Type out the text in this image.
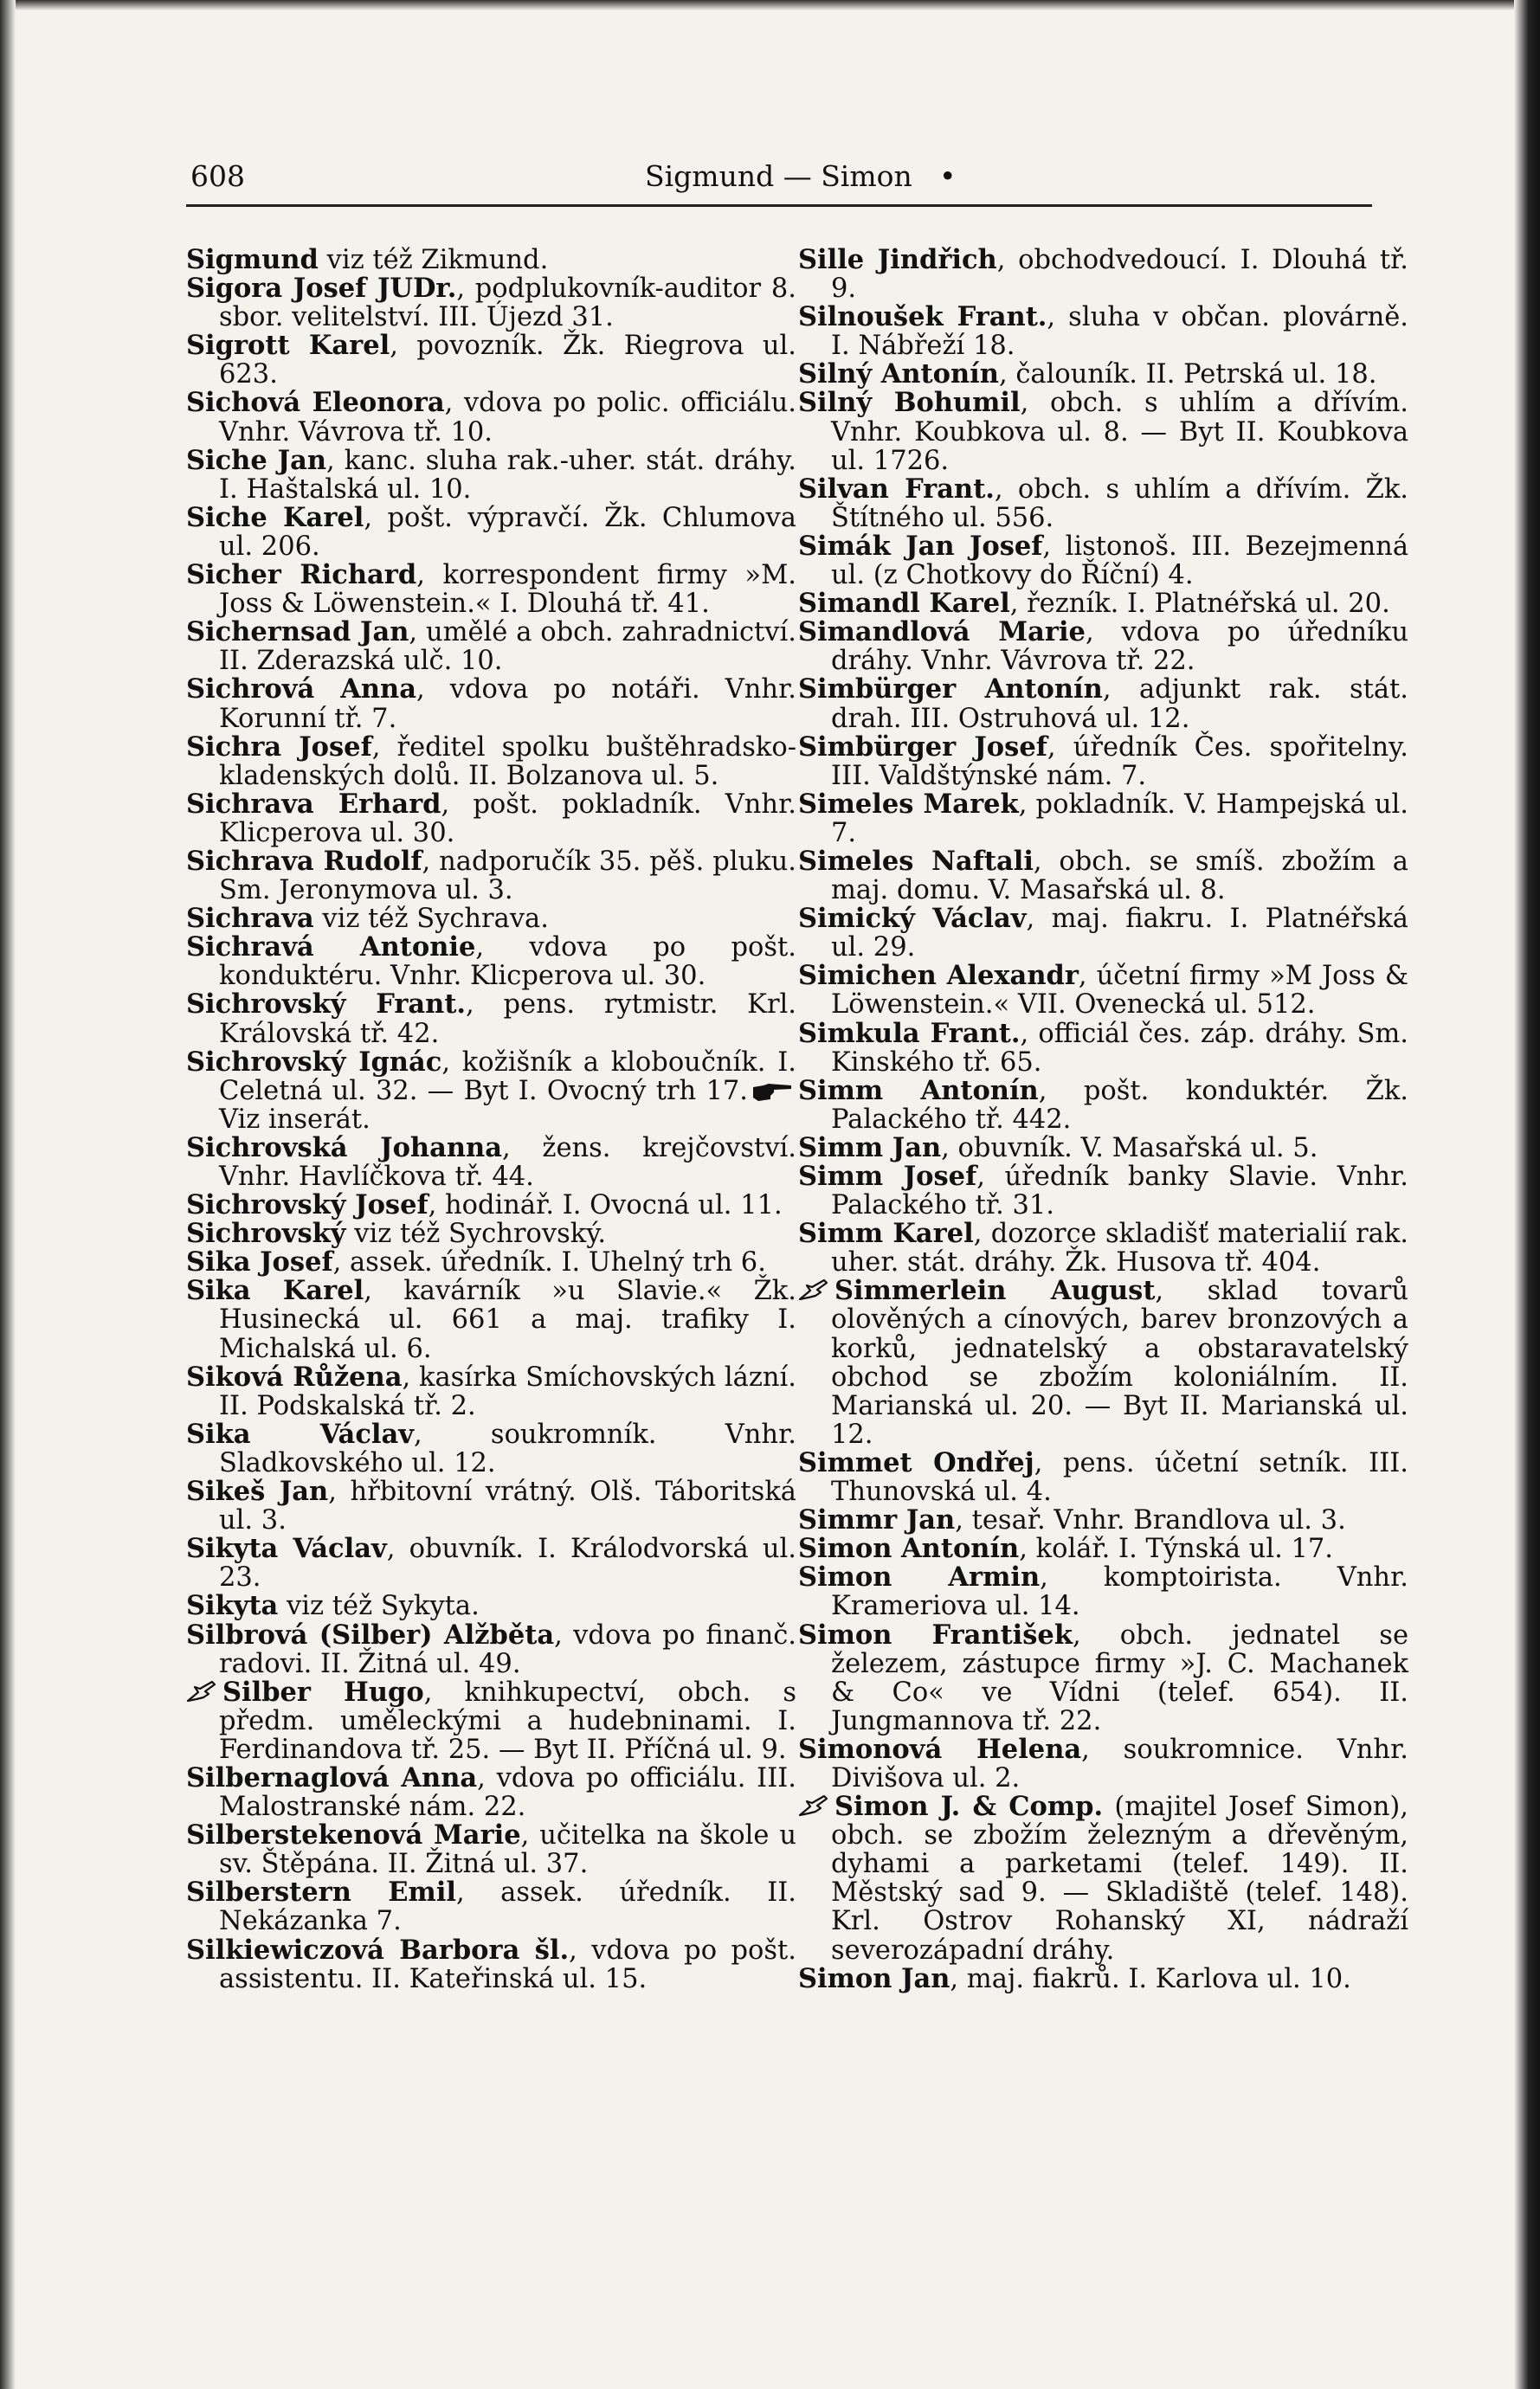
608	Sigmund — Simon •

Sigmund viz též Zikmund.

Sigora Josef JUDr., podplukovník-auditor 8. sbor. velitelství. III. Újezd 31.

Sigrott Karel, povozník. Žk. Riegrova ul. 623.

Sichová Eleonora, vdova po polic. officiálu. Vnhr. Vávrova tř. 10.

Siche Jan, kanc. sluha rak.-uher. stát. dráhy. I. Haštalská ul. 10.

Siche Karel, pošt. výpravčí. Žk. Chlumova ul. 206.

Sicher Richard, korrespondent firmy »M. Joss & Löwenstein.« I. Dlouhá tř. 41.

Sichernsad Jan, umělé a obch. zahradnictví. II. Zderazská ulč. 10.

Sichrová Anna, vdova po notáři. Vnhr. Korunní tř. 7.

Sichra Josef, ředitel spolku buštěhradsko-kladenských dolů. II. Bolzanova ul. 5.

Sichrava Erhard, pošt. pokladník. Vnhr. Klicperova ul. 30.

Sichrava Rudolf, nadporučík 35. pěš. pluku. Sm. Jeronymova ul. 3.

Sichrava viz též Sychrava.

Sichravá Antonie, vdova po pošt. konduktéru. Vnhr. Klicperova ul. 30.

Sichrovský Frant., pens. rytmistr. Krl. Královská tř. 42.

Sichrovský Ignác, kožišník a kloboučník. I. Celetná ul. 32. — Byt I. Ovocný trh 17. Viz inserát.

Sichrovská Johanna, žens. krejčovství. Vnhr. Havlíčkova tř. 44.

Sichrovský Josef, hodinář. I. Ovocná ul. 11.

Sichrovský viz též Sychrovský.

Sika Josef, assek. úředník. I. Uhelný trh 6.

Sika Karel, kavárník »u Slavie.« Žk. Husinecká ul. 661 a maj. trafiky I. Michalská ul. 6.

Siková Růžena, kasírka Smíchovských lázní. II. Podskalská tř. 2.

Sika Václav, soukromník. Vnhr. Sladkovského ul. 12.

Sikeš Jan, hřbitovní vrátný. Olš. Táboritská ul. 3.

Sikyta Václav, obuvník. I. Králodvorská ul. 23.

Sikyta viz též Sykyta.

Silbrová (Silber) Alžběta, vdova po finanč. radovi. II. Žitná ul. 49.

Silber Hugo, knihkupectví, obch. s předm. uměleckými a hudebninami. I. Ferdinandova tř. 25. — Byt II. Příčná ul. 9.

Silbernaglová Anna, vdova po officiálu. III. Malostranské nám. 22.

Silberstekenová Marie, učitelka na škole u sv. Štěpána. II. Žitná ul. 37.

Silberstern Emil, assek. úředník. II. Nekázanka 7.

Silkiewiczová Barbora šl., vdova po pošt. assistentu. II. Kateřinská ul. 15.

Sille Jindřich, obchodvedoucí. I. Dlouhá tř. 9.

Silnoušek Frant., sluha v občan. plovárně. I. Nábřeží 18.

Silný Antonín, čalouník. II. Petrská ul. 18.

Silný Bohumil, obch. s uhlím a dřívím. Vnhr. Koubkova ul. 8. — Byt II. Koubkova ul. 1726.

Silvan Frant., obch. s uhlím a dřívím. Žk. Štítného ul. 556.

Simák Jan Josef, listonoš. III. Bezejmenná ul. (z Chotkovy do Říční) 4.

Simandl Karel, řezník. I. Platnéřská ul. 20.

Simandlová Marie, vdova po úředníku dráhy. Vnhr. Vávrova tř. 22.

Simbürger Antonín, adjunkt rak. stát. drah. III. Ostruhová ul. 12.

Simbürger Josef, úředník Čes. spořitelny. III. Valdštýnské nám. 7.

Simeles Marek, pokladník. V. Hampejská ul. 7.

Simeles Naftali, obch. se smíš. zbožím a maj. domu. V. Masařská ul. 8.

Simický Václav, maj. fiakru. I. Platnéřská ul. 29.

Simichen Alexandr, účetní firmy »M Joss & Löwenstein.« VII. Ovenecká ul. 512.

Simkula Frant., officiál čes. záp. dráhy. Sm. Kinského tř. 65.

Simm Antonín, pošt. konduktér. Žk. Palackého tř. 442.

Simm Jan, obuvník. V. Masařská ul. 5.

Simm Josef, úředník banky Slavie. Vnhr. Palackého tř. 31.

Simm Karel, dozorce skladišť materialií rak. uher. stát. dráhy. Žk. Husova tř. 404.

Simmerlein August, sklad tovarů olověných a cínových, barev bronzových a korků, jednatelský a obstaravatelský obchod se zbožím koloniálním. II. Marianská ul. 20. — Byt II. Marianská ul. 12.

Simmet Ondřej, pens. účetní setník. III. Thunovská ul. 4.

Simmr Jan, tesař. Vnhr. Brandlova ul. 3.

Simon Antonín, kolář. I. Týnská ul. 17.

Simon Armin, komptoirista. Vnhr. Krameriova ul. 14.

Simon František, obch. jednatel se železem, zástupce firmy »J. C. Machanek & Co« ve Vídni (telef. 654). II. Jungmannova tř. 22.

Simonová Helena, soukromnice. Vnhr. Divišova ul. 2.

Simon J. & Comp. (majitel Josef Simon), obch. se zbožím železným a dřevěným, dyhami a parketami (telef. 149). II. Městský sad 9. — Skladiště (telef. 148). Krl. Ostrov Rohanský XI, nádraží severozápadní dráhy.

Simon Jan, maj. fiakrů. I. Karlova ul. 10.
